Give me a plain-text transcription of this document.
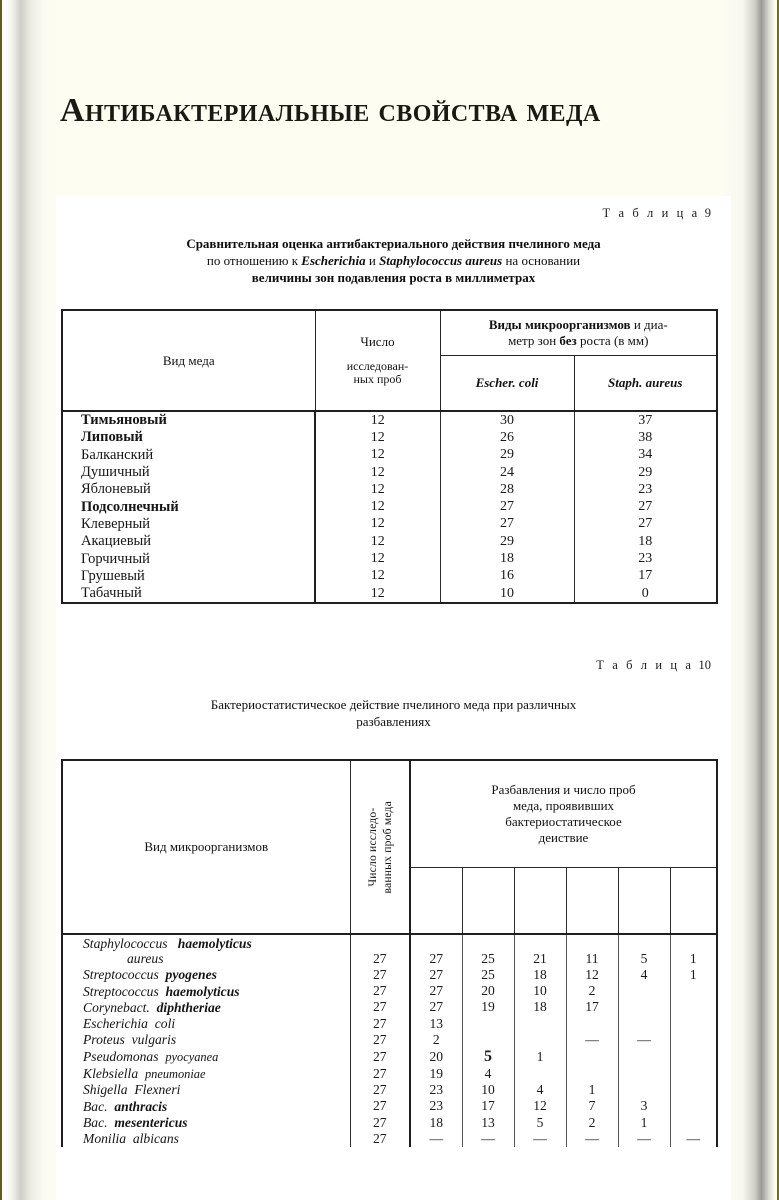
Антибактериальные свойства меда
Т а б л и ц а 9
Сравнительная оценка антибактериального действия пчелиного меда
по отношению к Escherichia и Staphylococcus aureus на основании
величины зон подавления роста в миллиметрах
Вид меда	
Число
исследован-
ных проб

Виды микроорганизмов и диа-
метр зон без роста (в мм)

		Escher. coli	Staph. aureus
Тимьяновый	12	30	37
Липовый	12	26	38
Балканский	12	29	34
Душичный	12	24	29
Яблоневый	12	28	23
Подсолнечный	12	27	27
Клеверный	12	27	27
Акациевый	12	29	18
Горчичный	12	18	23
Грушевый	12	16	17
Табачный	12	10	0
Т а б л и ц а 10
Бактериостатистическое действие пчелиного меда при различных
разбавлениях
Вид микроорганизмов	
Число исследо-
ванных проб меда

Разбавления и число проб
меда, проявивших
бактериостатическое
деиствие

Staphylococcus haemolyticus
aureus	27	27	25	21	11	5	1
Streptococcus pyogenes	27	27	25	18	12	4	1
Streptococcus haemolyticus	27	27	20	10	2		
Corynebact. diphtheriae	27	27	19	18	17		
Escherichia coli	27	13					
Proteus vulgaris	27	2			—	—	
Pseudomonas pyocyanea	27	20	5	1			
Klebsiella pneumoniae	27	19	4				
Shigella Flexneri	27	23	10	4	1		
Bac. anthracis	27	23	17	12	7	3	
Bac. mesentericus	27	18	13	5	2	1	
Monilia albicans	27	—	—	—	—	—	—
